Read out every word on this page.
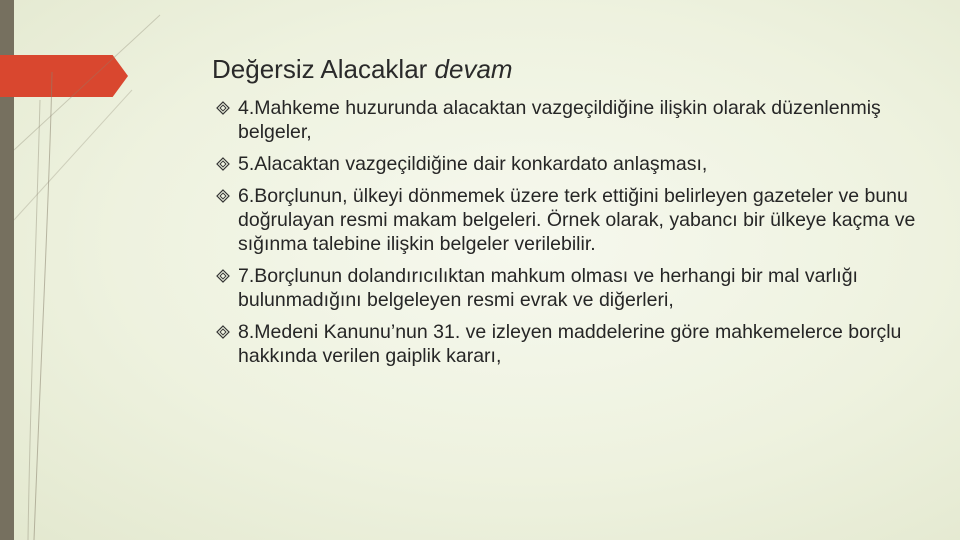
Değersiz Alacaklar devam
4.Mahkeme huzurunda alacaktan vazgeçildiğine ilişkin olarak düzenlenmiş belgeler,
5.Alacaktan vazgeçildiğine dair konkardato anlaşması,
6.Borçlunun, ülkeyi dönmemek üzere terk ettiğini belirleyen gazeteler ve bunu doğrulayan resmi makam belgeleri. Örnek olarak, yabancı bir ülkeye kaçma ve sığınma talebine ilişkin belgeler verilebilir.
7.Borçlunun dolandırıcılıktan mahkum olması ve herhangi bir mal varlığı bulunmadığını belgeleyen resmi evrak ve diğerleri,
8.Medeni Kanunu’nun 31. ve izleyen maddelerine göre mahkemelerce borçlu hakkında verilen gaiplik kararı,
